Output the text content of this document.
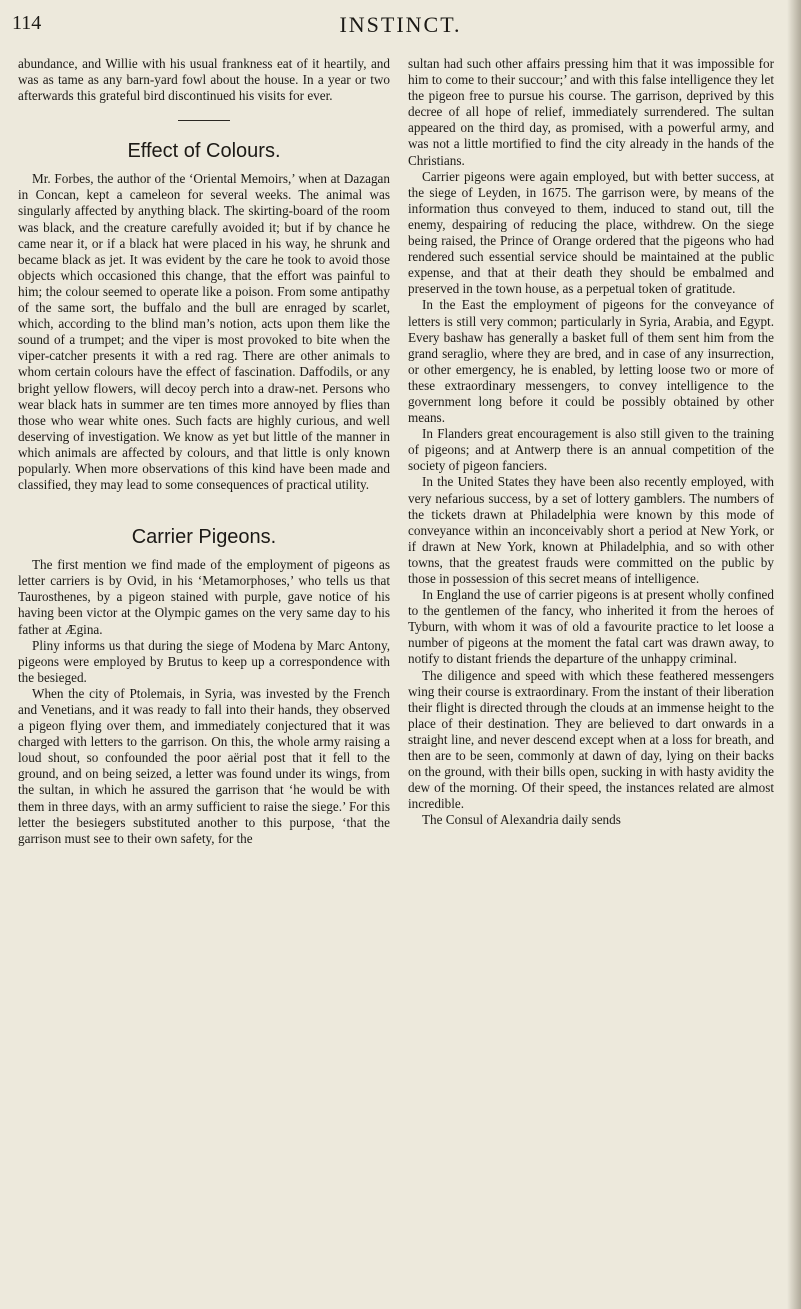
114	INSTINCT.

abundance, and Willie with his usual frankness eat of it heartily, and was as tame as any barn-yard fowl about the house. In a year or two afterwards this grateful bird discontinued his visits for ever.

Effect of Colours.

Mr. Forbes, the author of the ‘Oriental Memoirs,’ when at Dazagan in Concan, kept a cameleon for several weeks. The animal was singularly affected by anything black. The skirting-board of the room was black, and the creature carefully avoided it; but if by chance he came near it, or if a black hat were placed in his way, he shrunk and became black as jet. It was evident by the care he took to avoid those objects which occasioned this change, that the effort was painful to him; the colour seemed to operate like a poison. From some antipathy of the same sort, the buffalo and the bull are enraged by scarlet, which, according to the blind man’s notion, acts upon them like the sound of a trumpet; and the viper is most provoked to bite when the viper-catcher presents it with a red rag. There are other animals to whom certain colours have the effect of fascination. Daffodils, or any bright yellow flowers, will decoy perch into a draw-net. Persons who wear black hats in summer are ten times more annoyed by flies than those who wear white ones. Such facts are highly curious, and well deserving of investigation. We know as yet but little of the manner in which animals are affected by colours, and that little is only known popularly. When more observations of this kind have been made and classified, they may lead to some consequences of practical utility.

Carrier Pigeons.

The first mention we find made of the employment of pigeons as letter carriers is by Ovid, in his ‘Metamorphoses,’ who tells us that Taurosthenes, by a pigeon stained with purple, gave notice of his having been victor at the Olympic games on the very same day to his father at Ægina.

Pliny informs us that during the siege of Modena by Marc Antony, pigeons were employed by Brutus to keep up a correspondence with the besieged.

When the city of Ptolemais, in Syria, was invested by the French and Venetians, and it was ready to fall into their hands, they observed a pigeon flying over them, and immediately conjectured that it was charged with letters to the garrison. On this, the whole army raising a loud shout, so confounded the poor aërial post that it fell to the ground, and on being seized, a letter was found under its wings, from the sultan, in which he assured the garrison that ‘he would be with them in three days, with an army sufficient to raise the siege.’ For this letter the besiegers substituted another to this purpose, ‘that the garrison must see to their own safety, for the

sultan had such other affairs pressing him that it was impossible for him to come to their succour;’ and with this false intelligence they let the pigeon free to pursue his course. The garrison, deprived by this decree of all hope of relief, immediately surrendered. The sultan appeared on the third day, as promised, with a powerful army, and was not a little mortified to find the city already in the hands of the Christians.

Carrier pigeons were again employed, but with better success, at the siege of Leyden, in 1675. The garrison were, by means of the information thus conveyed to them, induced to stand out, till the enemy, despairing of reducing the place, withdrew. On the siege being raised, the Prince of Orange ordered that the pigeons who had rendered such essential service should be maintained at the public expense, and that at their death they should be embalmed and preserved in the town house, as a perpetual token of gratitude.

In the East the employment of pigeons for the conveyance of letters is still very common; particularly in Syria, Arabia, and Egypt. Every bashaw has generally a basket full of them sent him from the grand seraglio, where they are bred, and in case of any insurrection, or other emergency, he is enabled, by letting loose two or more of these extraordinary messengers, to convey intelligence to the government long before it could be possibly obtained by other means.

In Flanders great encouragement is also still given to the training of pigeons; and at Antwerp there is an annual competition of the society of pigeon fanciers.

In the United States they have been also recently employed, with very nefarious success, by a set of lottery gamblers. The numbers of the tickets drawn at Philadelphia were known by this mode of conveyance within an inconceivably short a period at New York, or if drawn at New York, known at Philadelphia, and so with other towns, that the greatest frauds were committed on the public by those in possession of this secret means of intelligence.

In England the use of carrier pigeons is at present wholly confined to the gentlemen of the fancy, who inherited it from the heroes of Tyburn, with whom it was of old a favourite practice to let loose a number of pigeons at the moment the fatal cart was drawn away, to notify to distant friends the departure of the unhappy criminal.

The diligence and speed with which these feathered messengers wing their course is extraordinary. From the instant of their liberation their flight is directed through the clouds at an immense height to the place of their destination. They are believed to dart onwards in a straight line, and never descend except when at a loss for breath, and then are to be seen, commonly at dawn of day, lying on their backs on the ground, with their bills open, sucking in with hasty avidity the dew of the morning. Of their speed, the instances related are almost incredible.

The Consul of Alexandria daily sends
